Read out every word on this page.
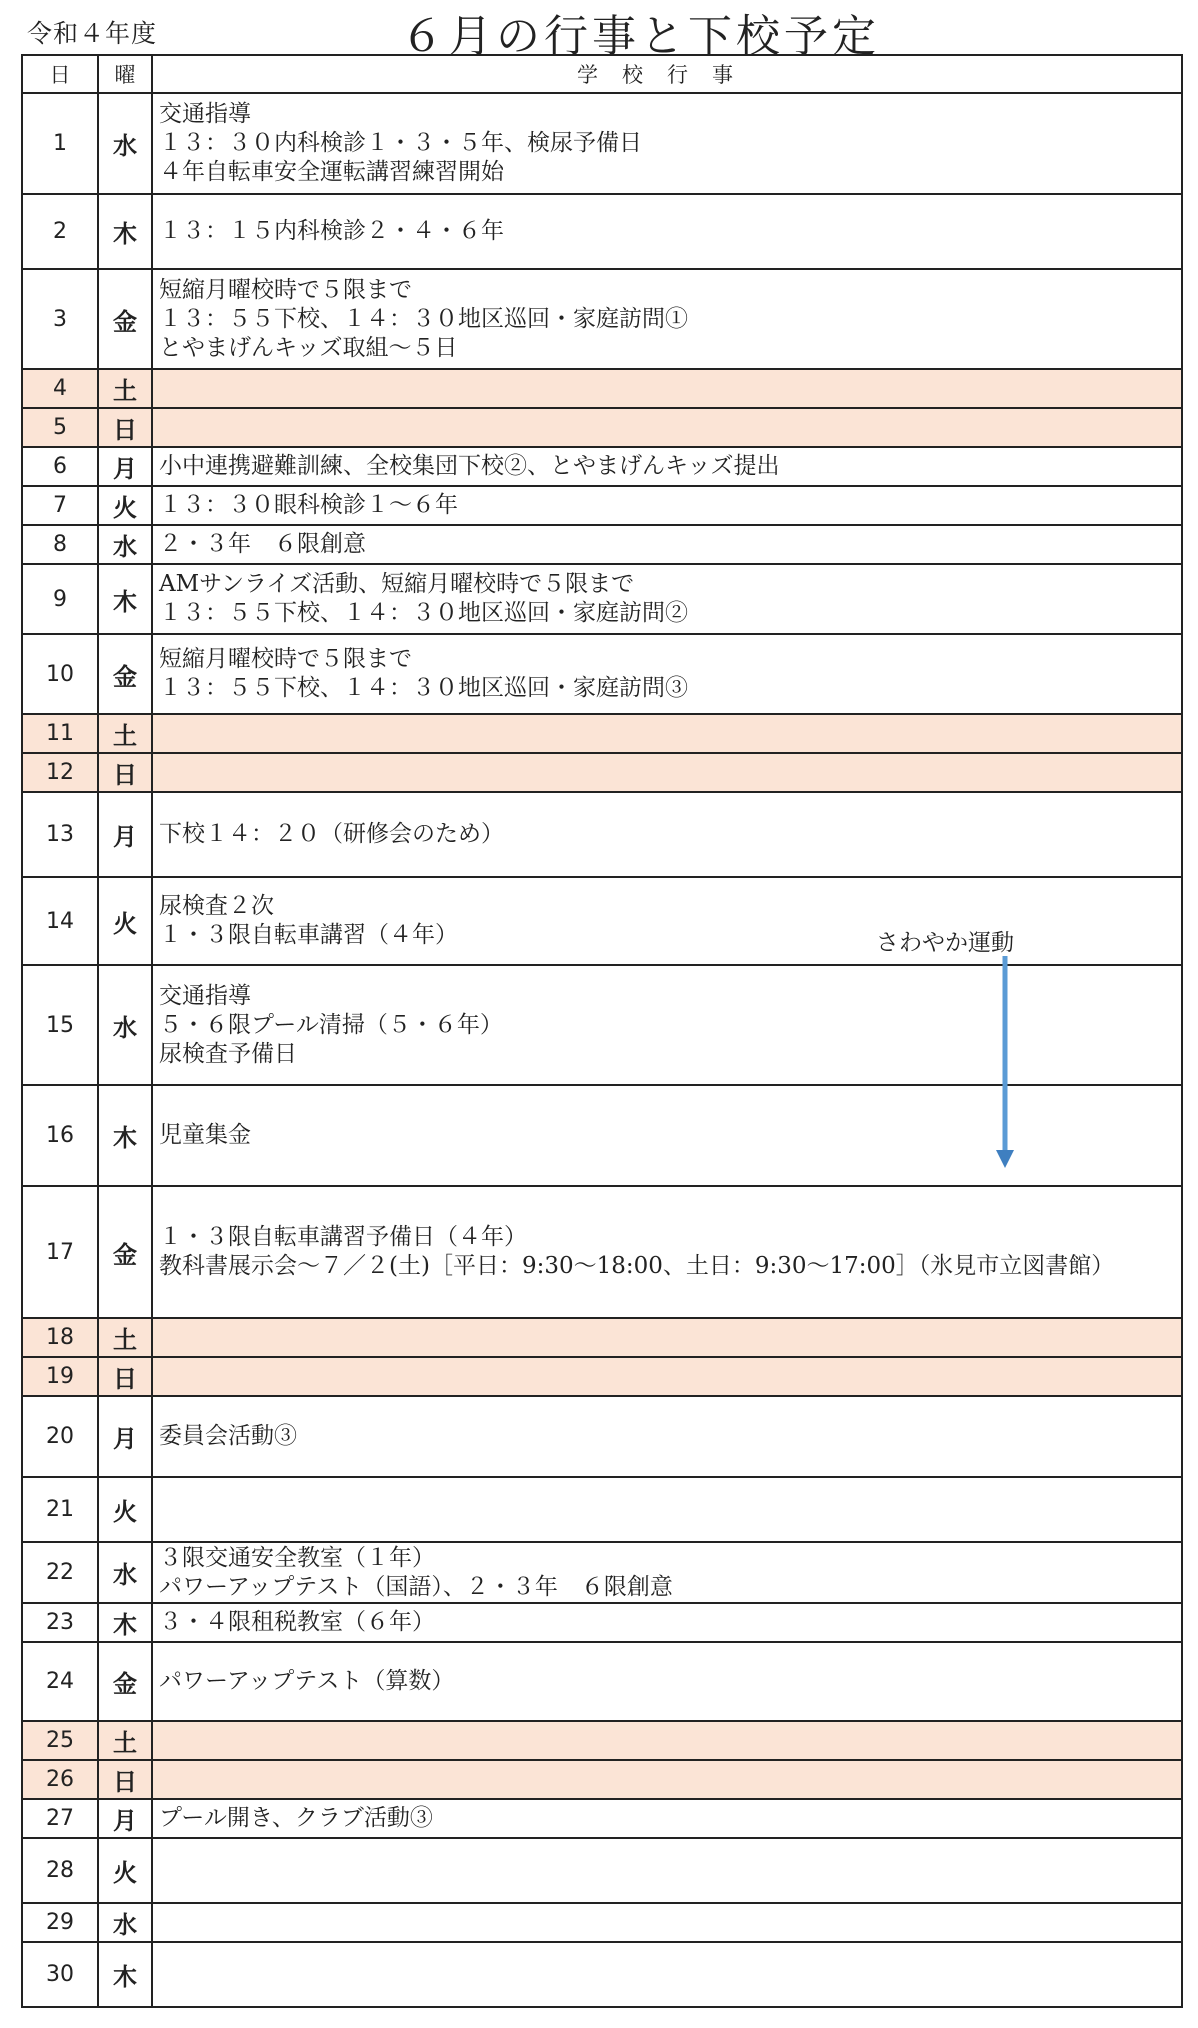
令和４年度	６月の行事と下校予定
日	曜	学校行事
1	水	交通指導
１３：３０内科検診１・３・５年、検尿予備日
４年自転車安全運転講習練習開始
2	木	１３：１５内科検診２・４・６年
3	金	短縮月曜校時で５限まで
１３：５５下校、１４：３０地区巡回・家庭訪問①
とやまげんキッズ取組～５日
4	土	
5	日	
6	月	小中連携避難訓練、全校集団下校②、とやまげんキッズ提出
7	火	１３：３０眼科検診１～６年
8	水	２・３年　６限創意
9	木	AMサンライズ活動、短縮月曜校時で５限まで
１３：５５下校、１４：３０地区巡回・家庭訪問②
10	金	短縮月曜校時で５限まで
１３：５５下校、１４：３０地区巡回・家庭訪問③
11	土	
12	日	
13	月	下校１４：２０（研修会のため）
14	火	尿検査２次
１・３限自転車講習（４年）
15	水	交通指導
５・６限プール清掃（５・６年）
尿検査予備日
16	木	児童集金
17	金	１・３限自転車講習予備日（４年）
教科書展示会～７／２(土)［平日：9:30～18:00、土日：9:30～17:00］（氷見市立図書館）
18	土	
19	日	
20	月	委員会活動③
21	火	
22	水	３限交通安全教室（１年）
パワーアップテスト（国語）、２・３年　６限創意
23	木	３・４限租税教室（６年）
24	金	パワーアップテスト（算数）
25	土	
26	日	
27	月	プール開き、クラブ活動③
28	火	
29	水	
30	木	
さわやか運動
